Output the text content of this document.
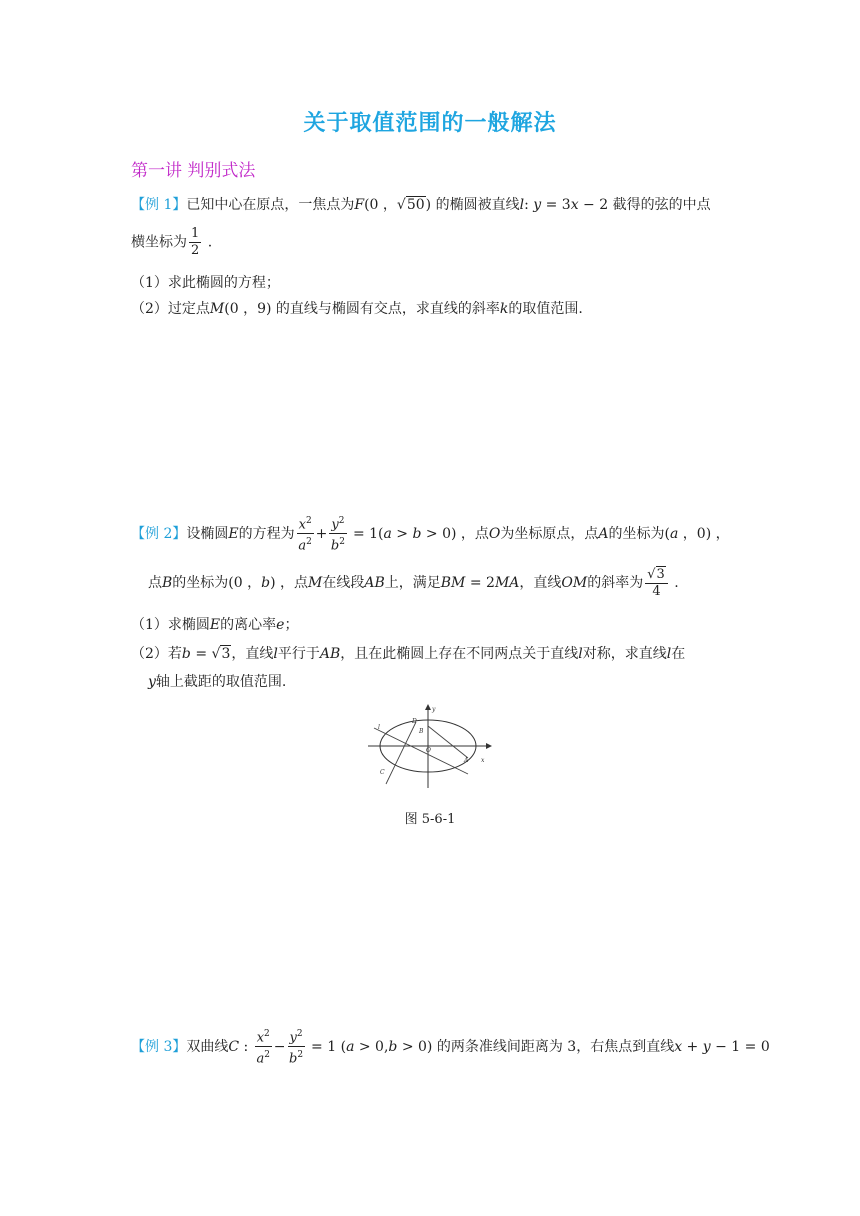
关于取值范围的一般解法
第一讲 判别式法
【例 1】已知中心在原点，一焦点为F(0 ，√50) 的椭圆被直线l: y = 3x − 2 截得的弦的中点
横坐标为 $\frac{1}{2}$ .
（1）求此椭圆的方程；
（2）过定点M(0 ，9) 的直线与椭圆有交点，求直线的斜率k的取值范围.
【例 2】设椭圆E的方程为 $\frac{x^2}{a^2} + \frac{y^2}{b^2} = 1(a > b > 0)$ ，点O为坐标原点，点A的坐标为(a ，0) ，
点B的坐标为(0 ，b) ，点M在线段AB上，满足BM = 2MA，直线OM的斜率为 $\frac{√3}{4}$ .
（1）求椭圆E的离心率e；
（2）若b = √3，直线l平行于AB，且在此椭圆上存在不同两点关于直线l对称，求直线l在
y轴上截距的取值范围.
l
D
B
O
C
A x
y
图 5-6-1
【例 3】双曲线C : $\frac{x^2}{a^2} - \frac{y^2}{b^2} = 1$ (a > 0,b > 0) 的两条准线间距离为 3，右焦点到直线x + y − 1 = 0
